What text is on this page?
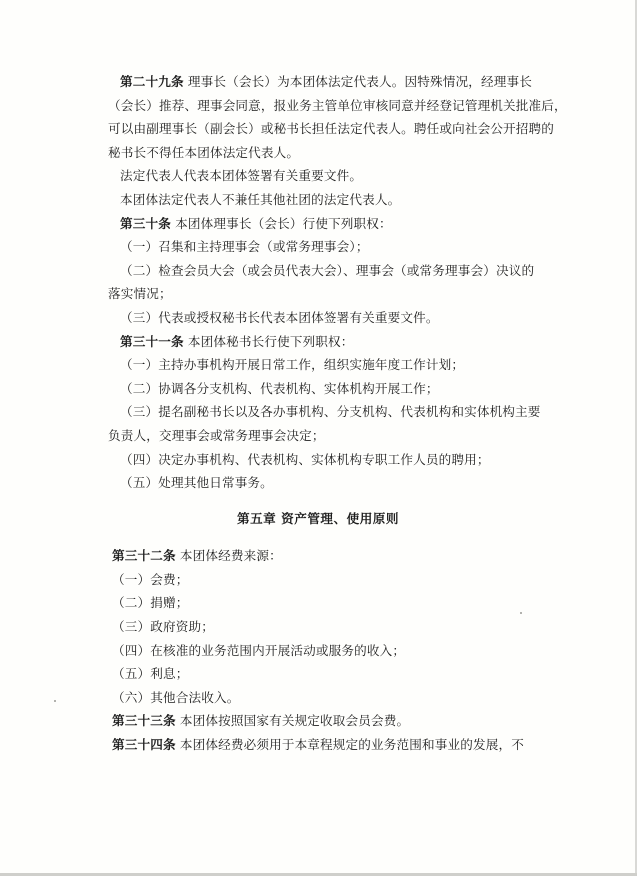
第二十九条 理事长（会长）为本团体法定代表人。因特殊情况，经理事长
（会长）推荐、理事会同意，报业务主管单位审核同意并经登记管理机关批准后，
可以由副理事长（副会长）或秘书长担任法定代表人。聘任或向社会公开招聘的
秘书长不得任本团体法定代表人。
法定代表人代表本团体签署有关重要文件。
本团体法定代表人不兼任其他社团的法定代表人。
第三十条 本团体理事长（会长）行使下列职权：
（一）召集和主持理事会（或常务理事会）；
（二）检查会员大会（或会员代表大会）、理事会（或常务理事会）决议的
落实情况；
（三）代表或授权秘书长代表本团体签署有关重要文件。
第三十一条 本团体秘书长行使下列职权：
（一）主持办事机构开展日常工作，组织实施年度工作计划；
（二）协调各分支机构、代表机构、实体机构开展工作；
（三）提名副秘书长以及各办事机构、分支机构、代表机构和实体机构主要
负责人，交理事会或常务理事会决定；
（四）决定办事机构、代表机构、实体机构专职工作人员的聘用；
（五）处理其他日常事务。
第五章 资产管理、使用原则
第三十二条 本团体经费来源：
（一）会费；
（二）捐赠；
（三）政府资助；
（四）在核准的业务范围内开展活动或服务的收入；
（五）利息；
（六）其他合法收入。
第三十三条 本团体按照国家有关规定收取会员会费。
第三十四条 本团体经费必须用于本章程规定的业务范围和事业的发展，不
